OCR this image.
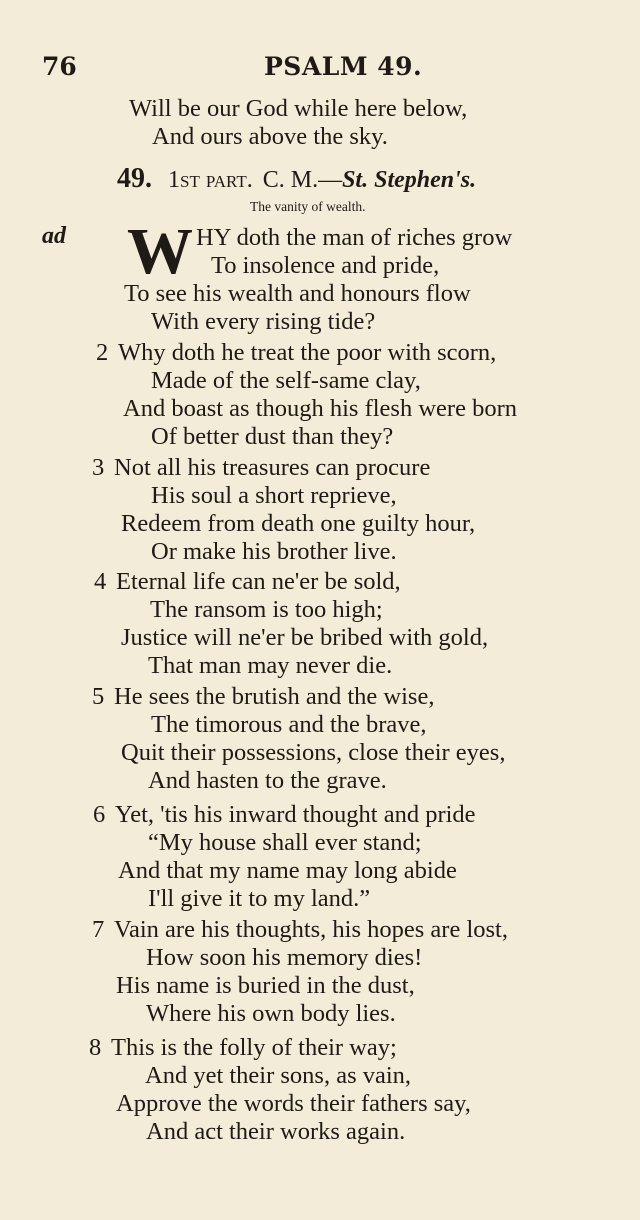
76	PSALM 49.
Will be our God while here below,
And ours above the sky.
49. 1st part. C. M.—St. Stephen's.
The vanity of wealth.
ad W HY doth the man of riches grow
To insolence and pride,
To see his wealth and honours flow
With every rising tide?
2 Why doth he treat the poor with scorn,
Made of the self-same clay,
And boast as though his flesh were born
Of better dust than they?
3 Not all his treasures can procure
His soul a short reprieve,
Redeem from death one guilty hour,
Or make his brother live.
4 Eternal life can ne'er be sold,
The ransom is too high;
Justice will ne'er be bribed with gold,
That man may never die.
5 He sees the brutish and the wise,
The timorous and the brave,
Quit their possessions, close their eyes,
And hasten to the grave.
6 Yet, 'tis his inward thought and pride
“My house shall ever stand;
And that my name may long abide
I'll give it to my land.”
7 Vain are his thoughts, his hopes are lost,
How soon his memory dies!
His name is buried in the dust,
Where his own body lies.
8 This is the folly of their way;
And yet their sons, as vain,
Approve the words their fathers say,
And act their works again.
